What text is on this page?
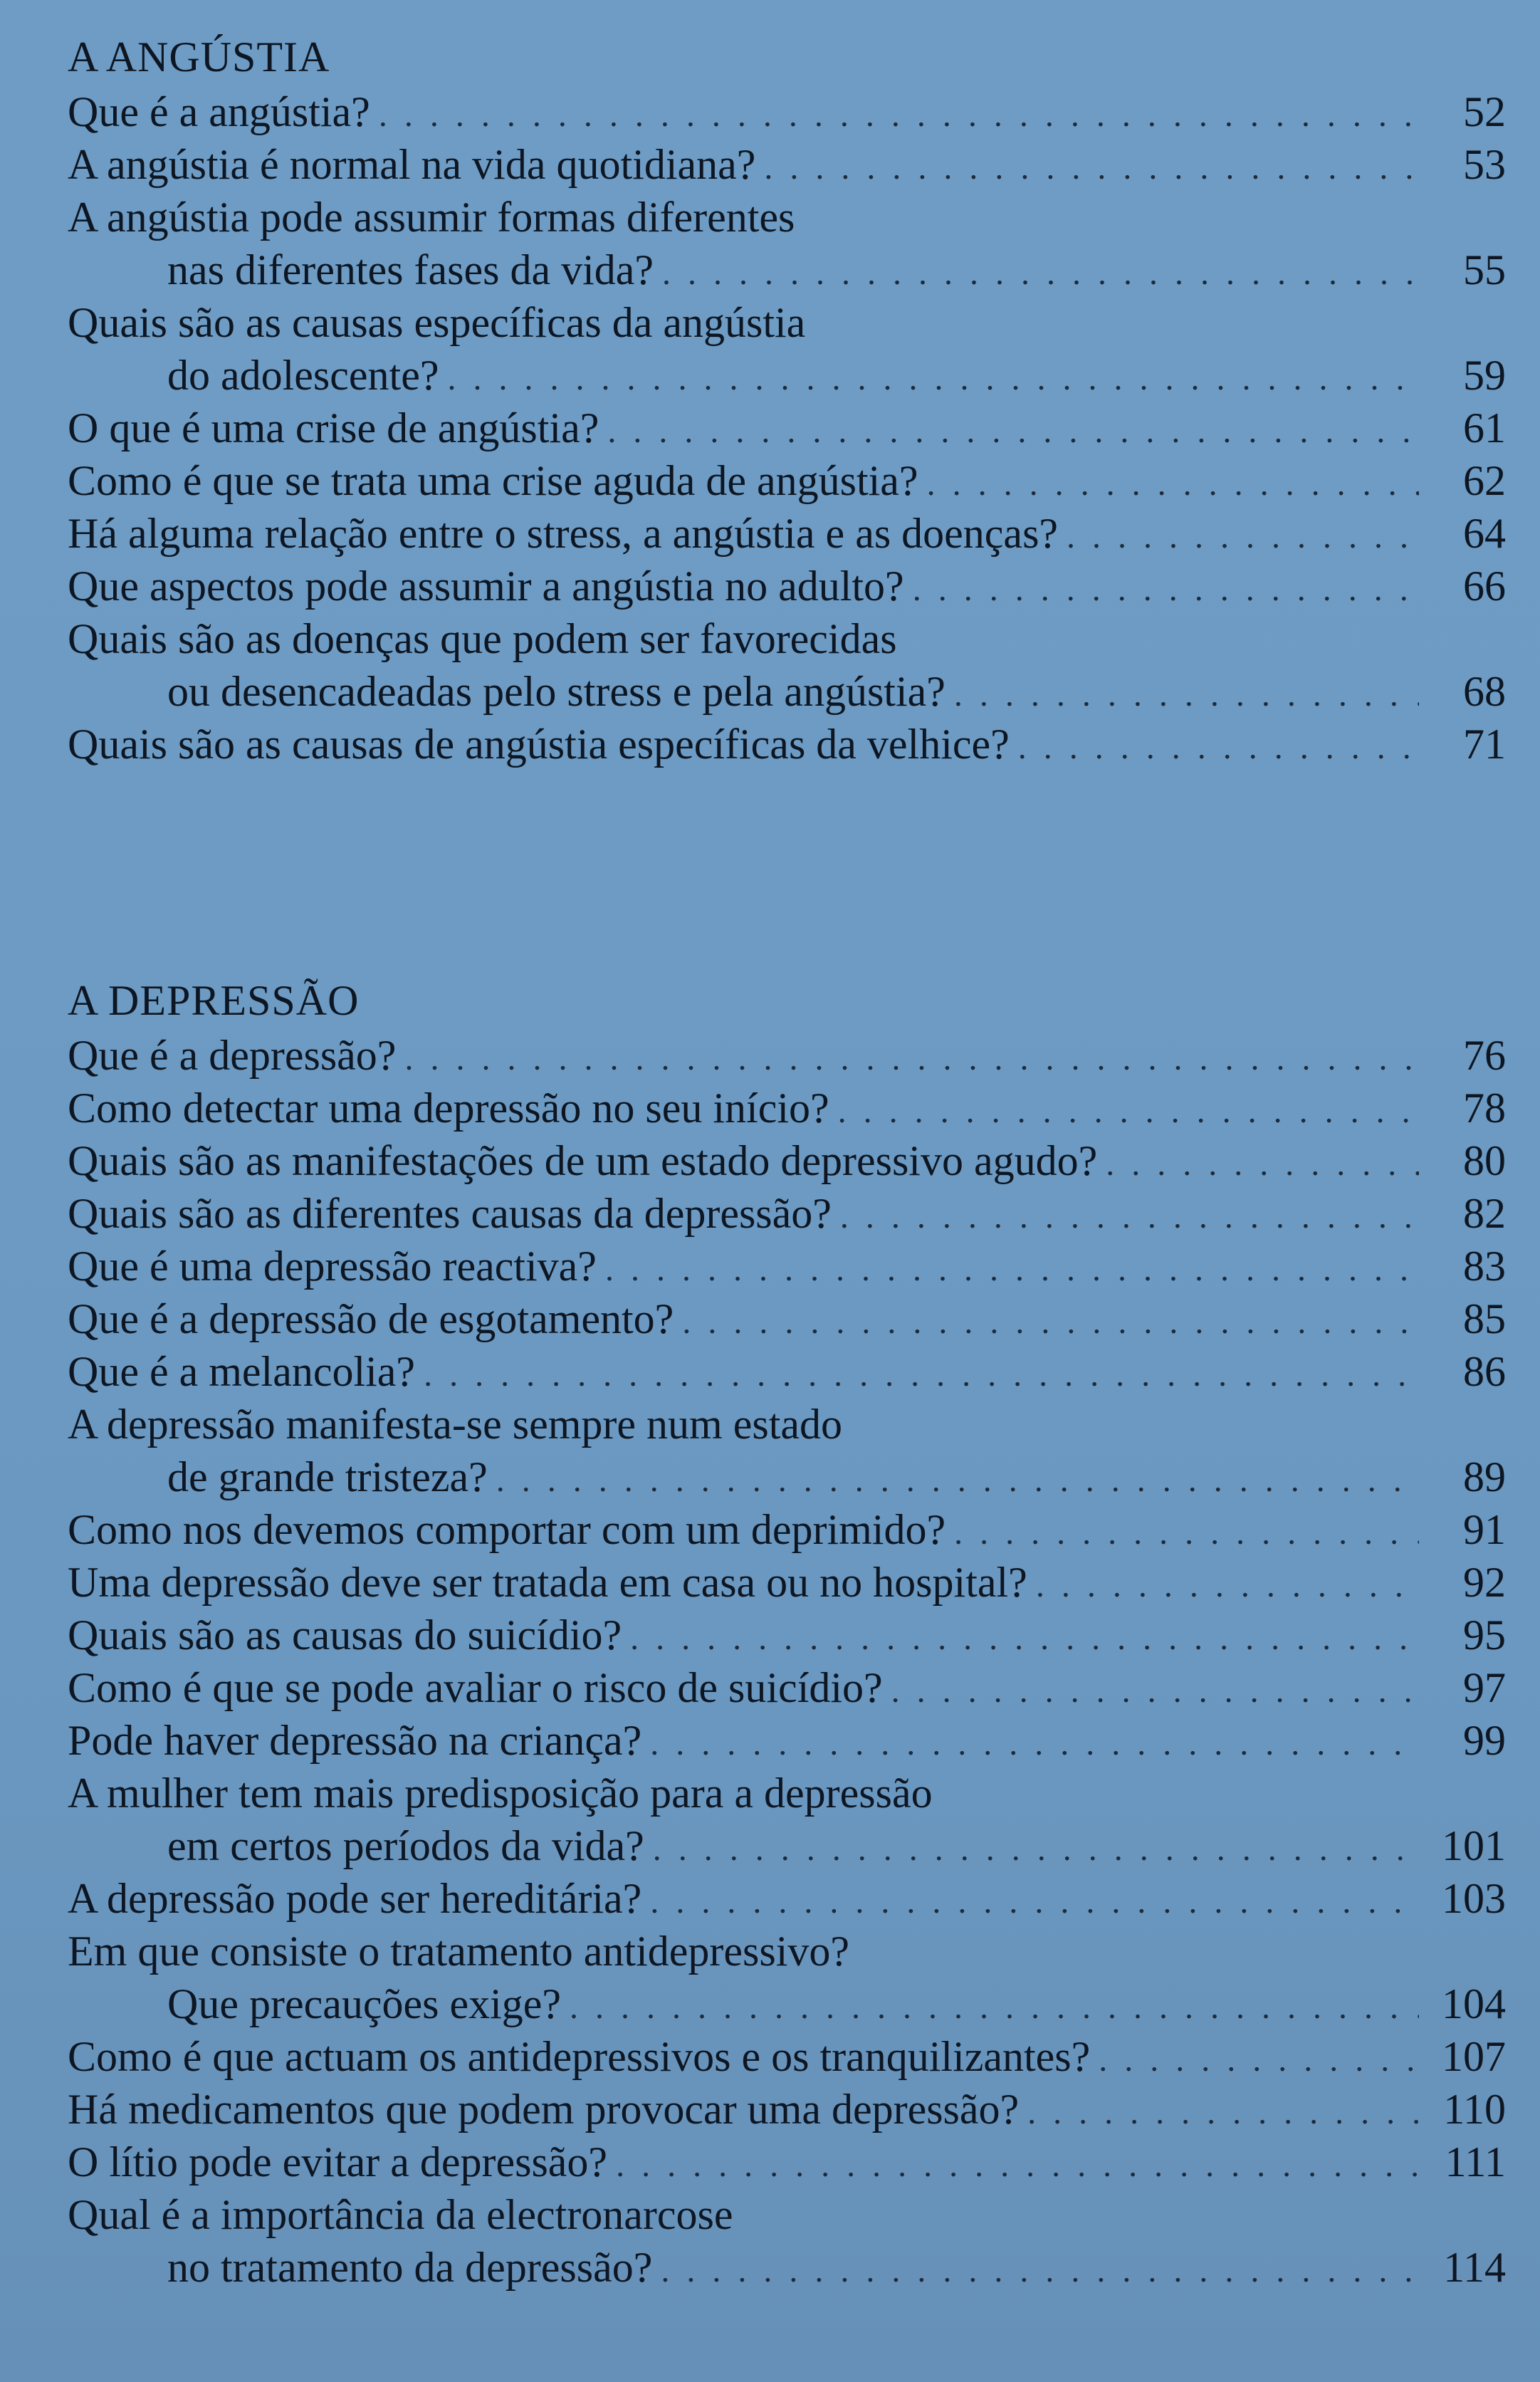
A ANGÚSTIA
Que é a angústia? . . .	52
A angústia é normal na vida quotidiana? . . .	53
A angústia pode assumir formas diferentes
nas diferentes fases da vida? . . .	55
Quais são as causas específicas da angústia
do adolescente? . . .	59
O que é uma crise de angústia? . . .	61
Como é que se trata uma crise aguda de angústia? . . .	62
Há alguma relação entre o stress, a angústia e as doenças? . . .	64
Que aspectos pode assumir a angústia no adulto? . . .	66
Quais são as doenças que podem ser favorecidas
ou desencadeadas pelo stress e pela angústia? . . .	68
Quais são as causas de angústia específicas da velhice? . . .	71
A DEPRESSÃO
Que é a depressão? . . .	76
Como detectar uma depressão no seu início? . . .	78
Quais são as manifestações de um estado depressivo agudo? . . .	80
Quais são as diferentes causas da depressão? . . .	82
Que é uma depressão reactiva? . . .	83
Que é a depressão de esgotamento? . . .	85
Que é a melancolia? . . .	86
A depressão manifesta-se sempre num estado
de grande tristeza? . . .	89
Como nos devemos comportar com um deprimido? . . .	91
Uma depressão deve ser tratada em casa ou no hospital? . . .	92
Quais são as causas do suicídio? . . .	95
Como é que se pode avaliar o risco de suicídio? . . .	97
Pode haver depressão na criança? . . .	99
A mulher tem mais predisposição para a depressão
em certos períodos da vida? . . .	101
A depressão pode ser hereditária? . . .	103
Em que consiste o tratamento antidepressivo?
Que precauções exige? . . .	104
Como é que actuam os antidepressivos e os tranquilizantes? . . .	107
Há medicamentos que podem provocar uma depressão? . . .	110
O lítio pode evitar a depressão? . . .	111
Qual é a importância da electronarcose
no tratamento da depressão? . . .	114
